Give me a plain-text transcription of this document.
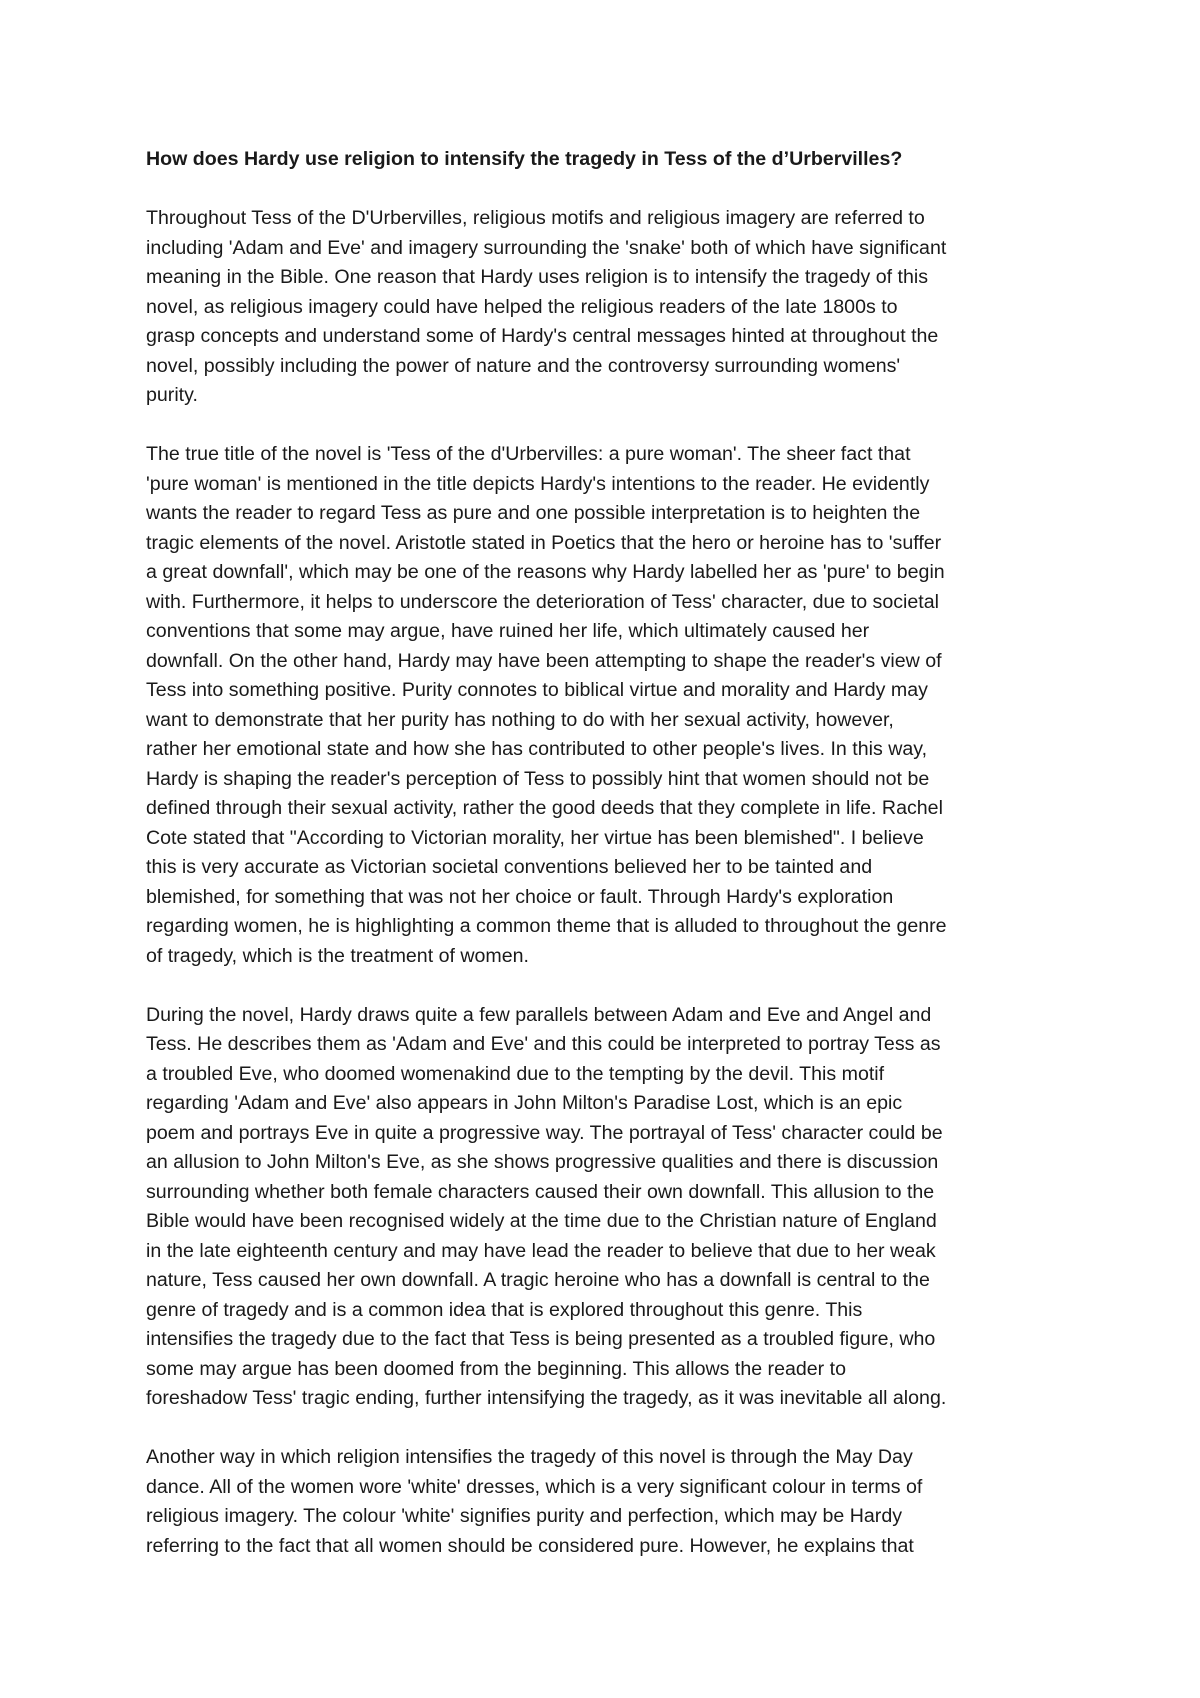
How does Hardy use religion to intensify the tragedy in Tess of the d’Urbervilles?
Throughout Tess of the D'Urbervilles, religious motifs and religious imagery are referred to
including 'Adam and Eve' and imagery surrounding the 'snake' both of which have significant
meaning in the Bible. One reason that Hardy uses religion is to intensify the tragedy of this
novel, as religious imagery could have helped the religious readers of the late 1800s to
grasp concepts and understand some of Hardy's central messages hinted at throughout the
novel, possibly including the power of nature and the controversy surrounding womens'
purity.
The true title of the novel is 'Tess of the d'Urbervilles: a pure woman'. The sheer fact that
'pure woman' is mentioned in the title depicts Hardy's intentions to the reader. He evidently
wants the reader to regard Tess as pure and one possible interpretation is to heighten the
tragic elements of the novel. Aristotle stated in Poetics that the hero or heroine has to 'suffer
a great downfall', which may be one of the reasons why Hardy labelled her as 'pure' to begin
with. Furthermore, it helps to underscore the deterioration of Tess' character, due to societal
conventions that some may argue, have ruined her life, which ultimately caused her
downfall. On the other hand, Hardy may have been attempting to shape the reader's view of
Tess into something positive. Purity connotes to biblical virtue and morality and Hardy may
want to demonstrate that her purity has nothing to do with her sexual activity, however,
rather her emotional state and how she has contributed to other people's lives. In this way,
Hardy is shaping the reader's perception of Tess to possibly hint that women should not be
defined through their sexual activity, rather the good deeds that they complete in life. Rachel
Cote stated that "According to Victorian morality, her virtue has been blemished". I believe
this is very accurate as Victorian societal conventions believed her to be tainted and
blemished, for something that was not her choice or fault. Through Hardy's exploration
regarding women, he is highlighting a common theme that is alluded to throughout the genre
of tragedy, which is the treatment of women.
During the novel, Hardy draws quite a few parallels between Adam and Eve and Angel and
Tess. He describes them as 'Adam and Eve' and this could be interpreted to portray Tess as
a troubled Eve, who doomed womenakind due to the tempting by the devil. This motif
regarding 'Adam and Eve' also appears in John Milton's Paradise Lost, which is an epic
poem and portrays Eve in quite a progressive way. The portrayal of Tess' character could be
an allusion to John Milton's Eve, as she shows progressive qualities and there is discussion
surrounding whether both female characters caused their own downfall. This allusion to the
Bible would have been recognised widely at the time due to the Christian nature of England
in the late eighteenth century and may have lead the reader to believe that due to her weak
nature, Tess caused her own downfall. A tragic heroine who has a downfall is central to the
genre of tragedy and is a common idea that is explored throughout this genre. This
intensifies the tragedy due to the fact that Tess is being presented as a troubled figure, who
some may argue has been doomed from the beginning. This allows the reader to
foreshadow Tess' tragic ending, further intensifying the tragedy, as it was inevitable all along.
Another way in which religion intensifies the tragedy of this novel is through the May Day
dance. All of the women wore 'white' dresses, which is a very significant colour in terms of
religious imagery. The colour 'white' signifies purity and perfection, which may be Hardy
referring to the fact that all women should be considered pure. However, he explains that
